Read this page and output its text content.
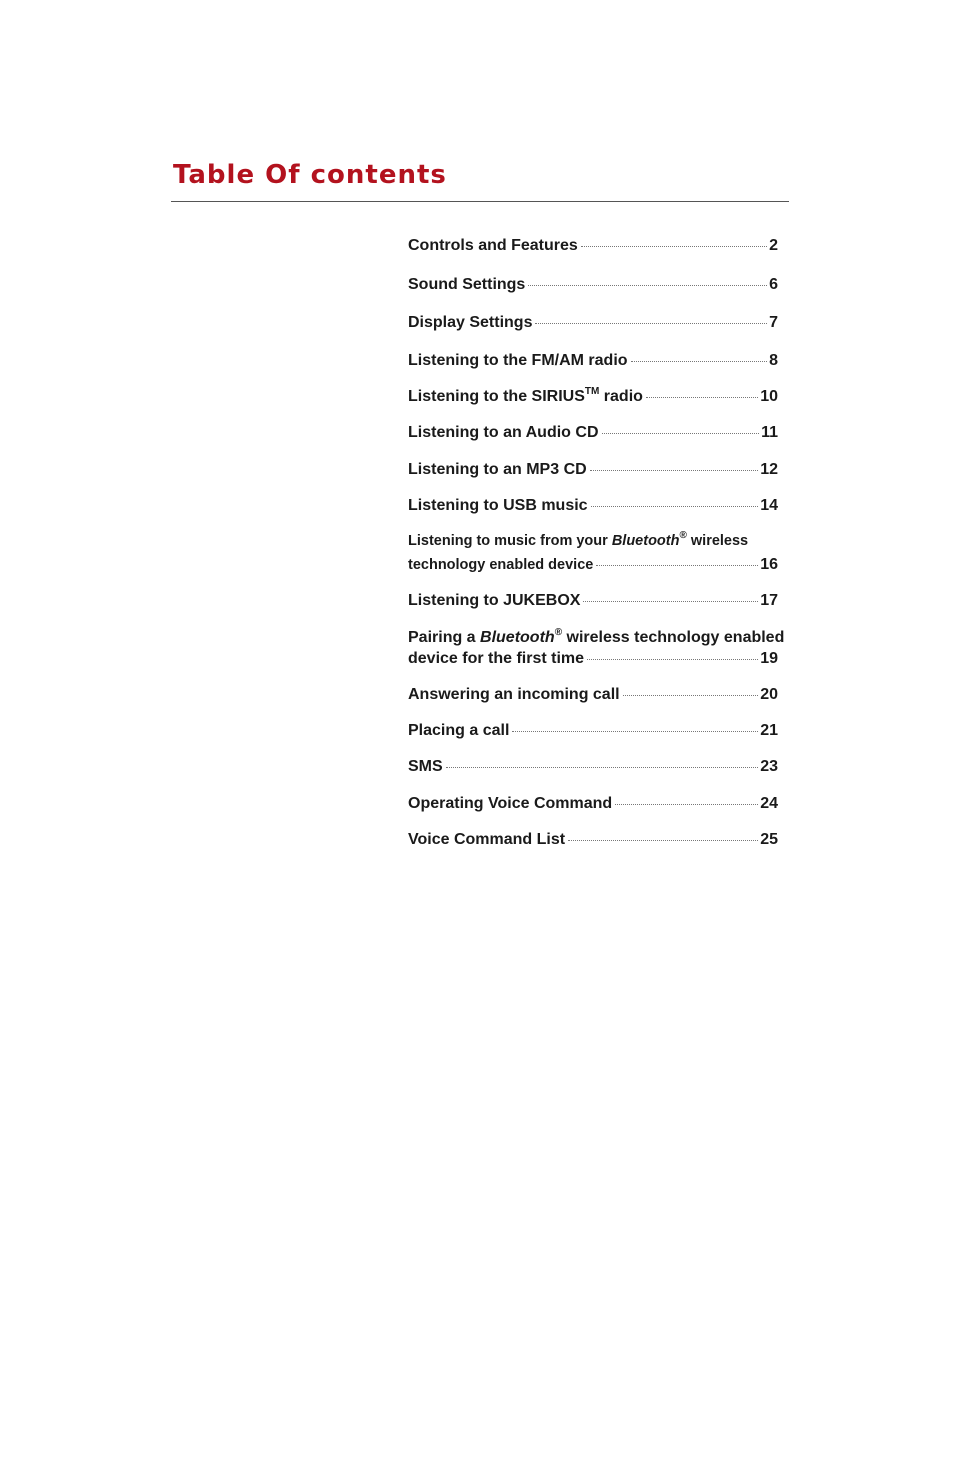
Table Of contents
Controls and Features	2
Sound Settings	6
Display Settings	7
Listening to the FM/AM radio	8
Listening to the SIRIUS™ radio	10
Listening to an Audio CD	11
Listening to an MP3 CD	12
Listening to USB music	14
Listening to music from your Bluetooth® wireless
technology enabled device	16
Listening to JUKEBOX	17
Pairing a Bluetooth® wireless technology enabled
device for the first time	19
Answering an incoming call	20
Placing a call	21
SMS	23
Operating Voice Command	24
Voice Command List	25
